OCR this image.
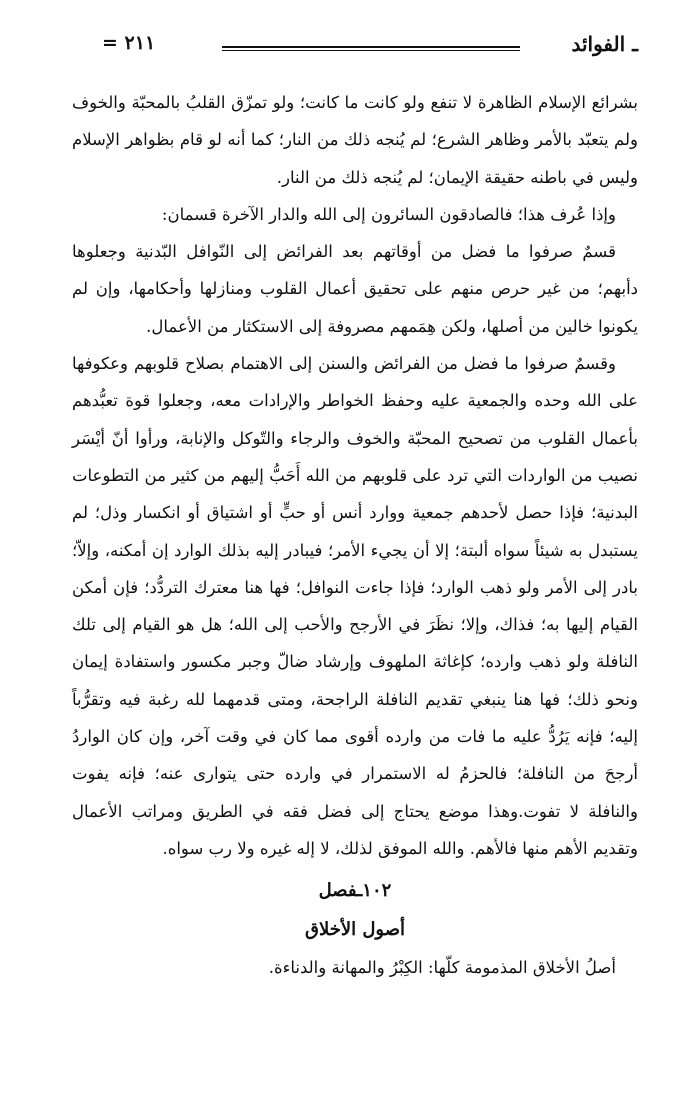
ـ الفوائد
٢١١ =

بشرائع الإسلام الظاهرة لا تنفع ولو كانت ما كانت؛ ولو تمزّق القلبُ بالمحبّة والخوف ولم يتعبّد بالأمر وظاهر الشرع؛ لم يُنجه ذلك من النار؛ كما أنه لو قام بظواهر الإسلام وليس في باطنه حقيقة الإيمان؛ لم يُنجه ذلك من النار.

وإذا عُرف هذا؛ فالصادقون السائرون إلى الله والدار الآخرة قسمان:

قسمٌ صرفوا ما فضل من أوقاتهم بعد الفرائض إلى النّوافل البّدنية وجعلوها دأبهم؛ من غير حرص منهم على تحقيق أعمال القلوب ومنازلها وأحكامها، وإن لم يكونوا خالين من أصلها، ولكن هِمَمهم مصروفة إلى الاستكثار من الأعمال.

وقسمٌ صرفوا ما فضل من الفرائض والسنن إلى الاهتمام بصلاح قلوبهم وعكوفها على الله وحده والجمعية عليه وحفظ الخواطر والإرادات معه، وجعلوا قوة تعبُّدهم بأعمال القلوب من تصحيح المحبّة والخوف والرجاء والتّوكل والإنابة، ورأوا أنّ أيْسَر نصيب من الواردات التي ترد على قلوبهم من الله أَحَبُّ إليهم من كثير من التطوعات البدنية؛ فإذا حصل لأحدهم جمعية ووارد أنس أو حبٍّ أو اشتياق أو انكسار وذل؛ لم يستبدل به شيئاً سواه ألبتة؛ إلا أن يجيء الأمر؛ فيبادر إليه بذلك الوارد إن أمكنه، وإلاّ؛ بادر إلى الأمر ولو ذهب الوارد؛ فإذا جاءت النوافل؛ فها هنا معترك التردُّد؛ فإن أمكن القيام إليها به؛ فذاك، وإلا؛ نظَرَ في الأرجح والأحب إلى الله؛ هل هو القيام إلى تلك النافلة ولو ذهب وارده؛ كإغاثة الملهوف وإرشاد ضالّ وجبر مكسور واستفادة إيمان ونحو ذلك؛ فها هنا ينبغي تقديم النافلة الراجحة، ومتى قدمهما لله رغبة فيه وتقرُّباً إليه؛ فإنه يَرُدُّ عليه ما فات من وارده أقوى مما كان في وقت آخر، وإن كان الواردُ أرجحَ من النافلة؛ فالحزمُ له الاستمرار في وارده حتى يتوارى عنه؛ فإنه يفوت والنافلة لا تفوت.وهذا موضع يحتاج إلى فضل فقه في الطريق ومراتب الأعمال وتقديم الأهم منها فالأهم. والله الموفق لذلك، لا إله غيره ولا رب سواه.

١٠٢ـفصل
أصول الأخلاق

أصلُ الأخلاق المذمومة كلّها: الكِبْرُ والمهانة والدناءة.
